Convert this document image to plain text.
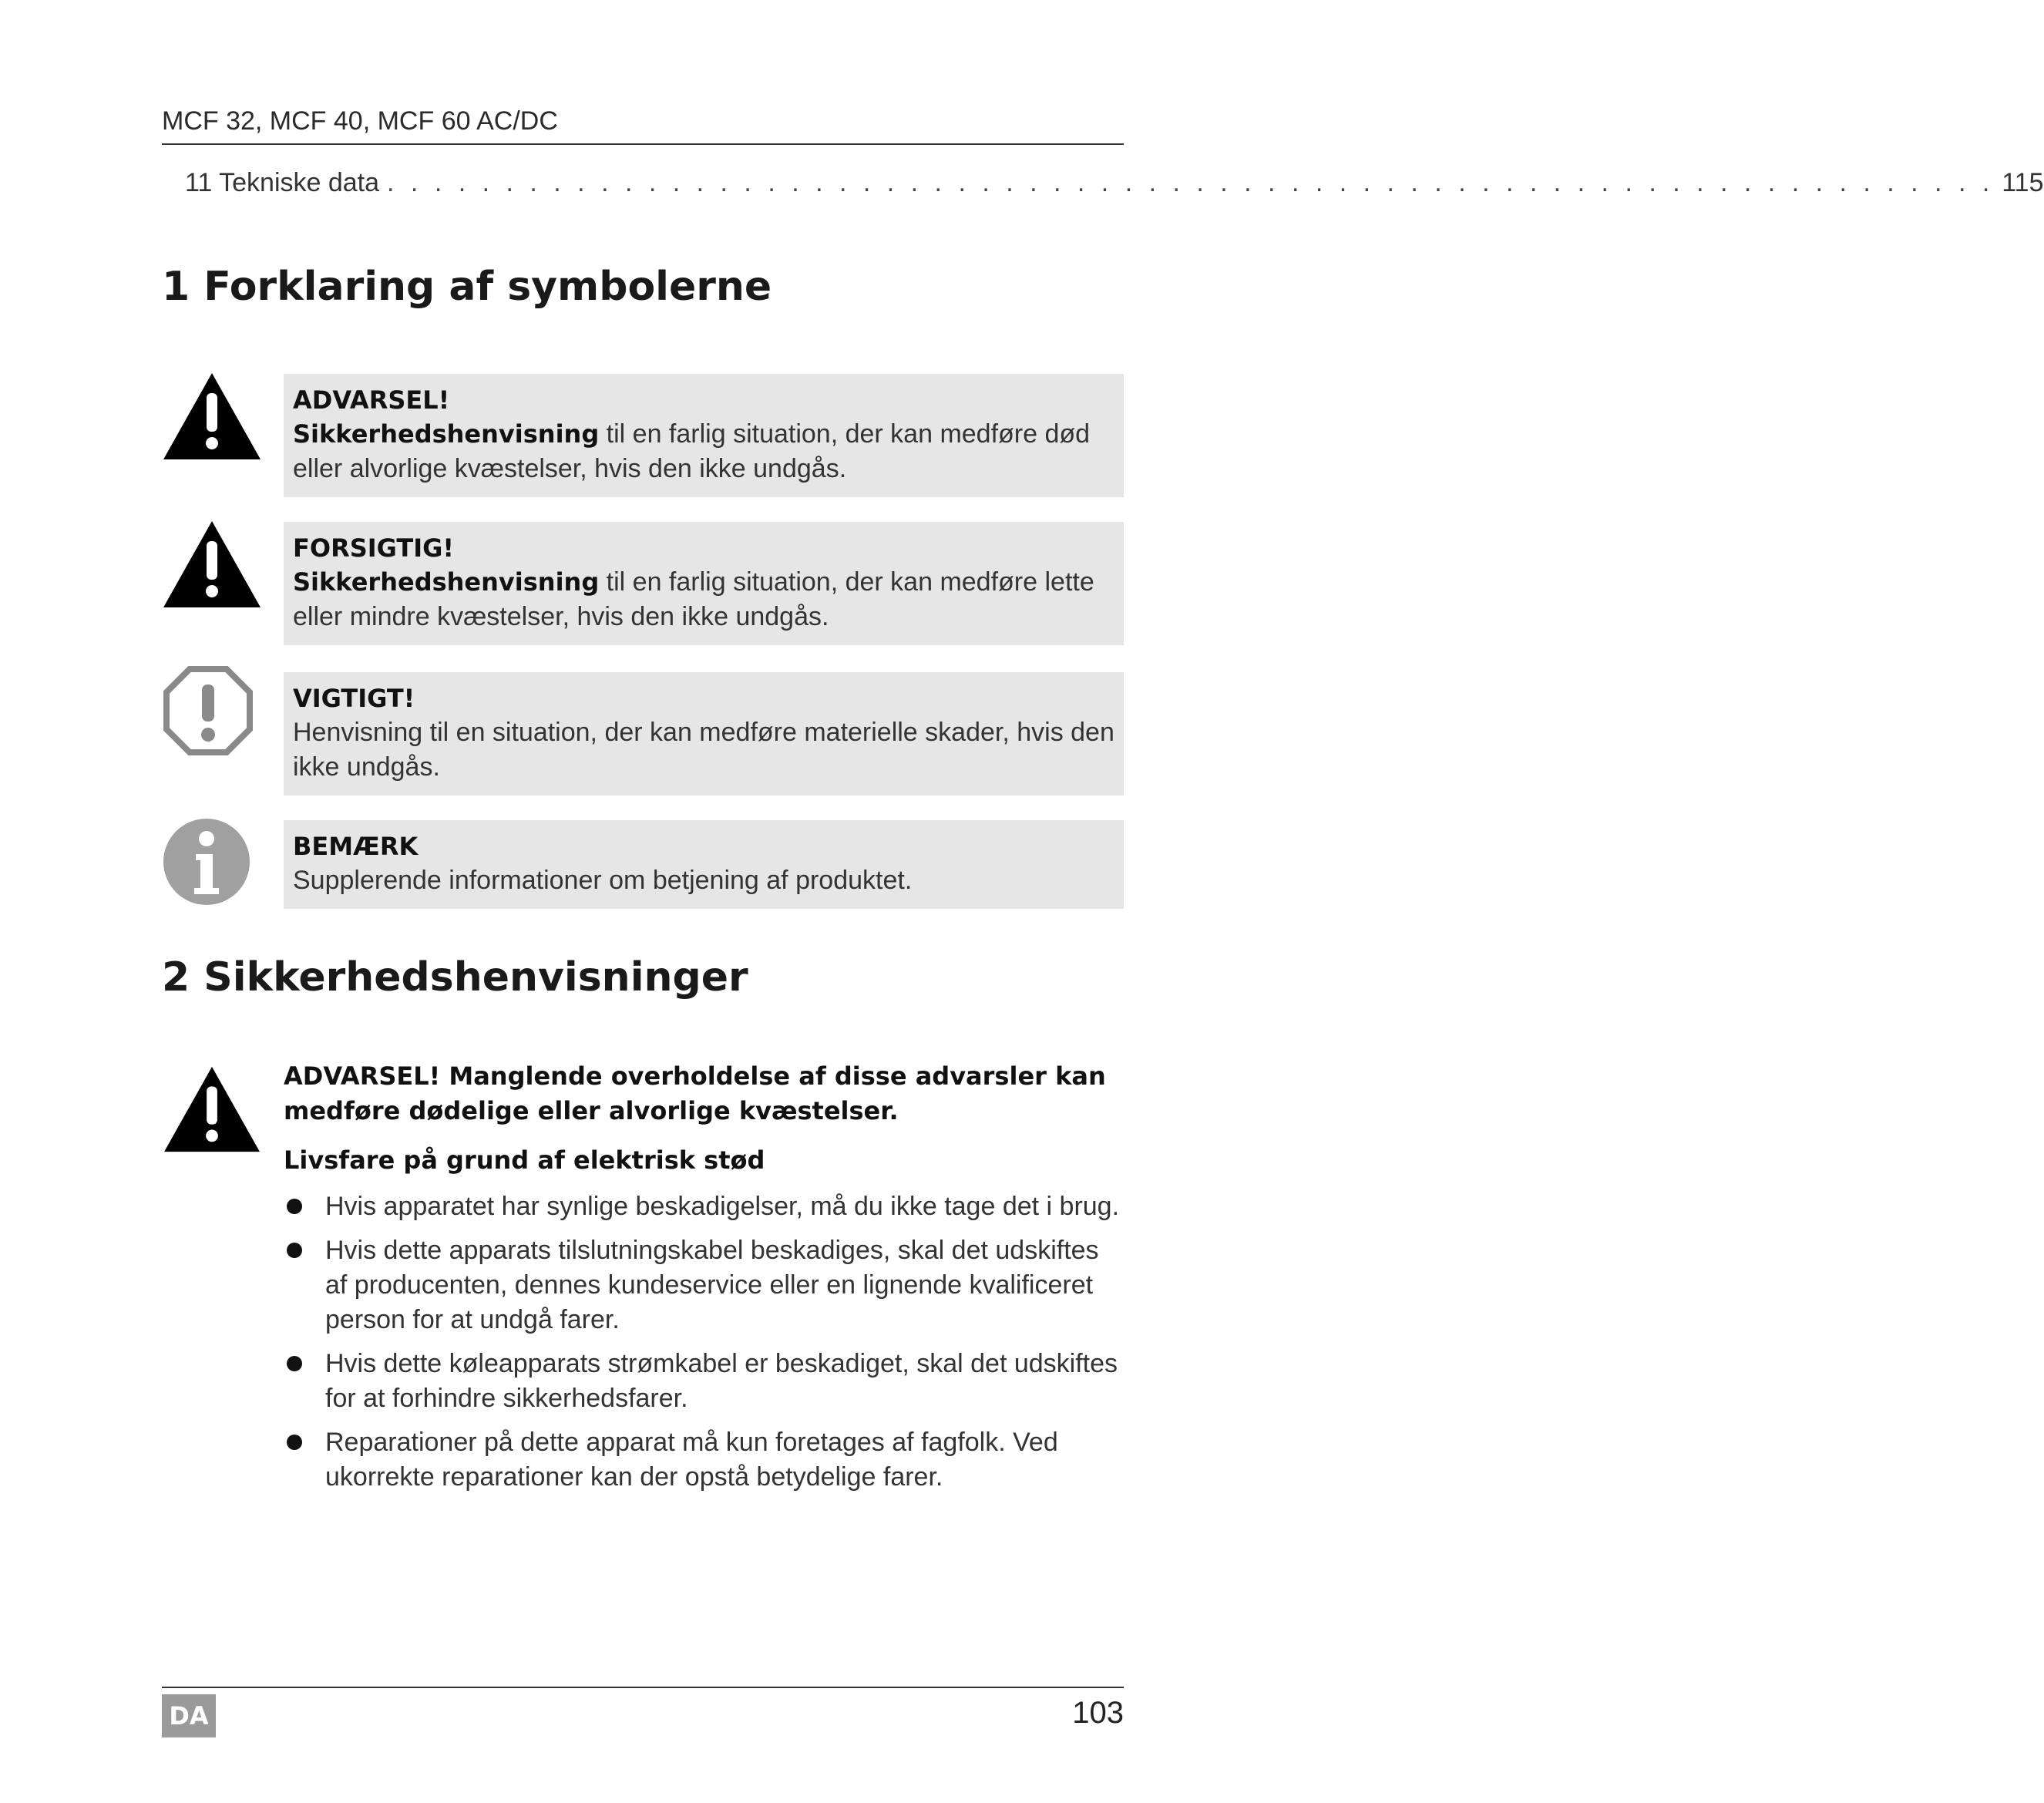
MCF 32, MCF 40, MCF 60 AC/DC
11 Tekniske data . . . . . . . . . . . . . . . . . . . . . . . . . . . . . . . . . . . . . . . . . . . . . . . . . . . . . . . . . . . . . . . . . . . . 115
1 Forklaring af symbolerne
ADVARSEL!
Sikkerhedshenvisning til en farlig situation, der kan medføre død eller alvorlige kvæstelser, hvis den ikke undgås.
FORSIGTIG!
Sikkerhedshenvisning til en farlig situation, der kan medføre lette eller mindre kvæstelser, hvis den ikke undgås.
VIGTIGT!
Henvisning til en situation, der kan medføre materielle skader, hvis den ikke undgås.
BEMÆRK
Supplerende informationer om betjening af produktet.
2 Sikkerhedshenvisninger
ADVARSEL! Manglende overholdelse af disse advarsler kan medføre dødelige eller alvorlige kvæstelser.
Livsfare på grund af elektrisk stød
Hvis apparatet har synlige beskadigelser, må du ikke tage det i brug.
Hvis dette apparats tilslutningskabel beskadiges, skal det udskiftes af producenten, dennes kundeservice eller en lignende kvalificeret person for at undgå farer.
Hvis dette køleapparats strømkabel er beskadiget, skal det udskiftes for at forhindre sikkerhedsfarer.
Reparationer på dette apparat må kun foretages af fagfolk. Ved ukorrekte reparationer kan der opstå betydelige farer.
DA	103
